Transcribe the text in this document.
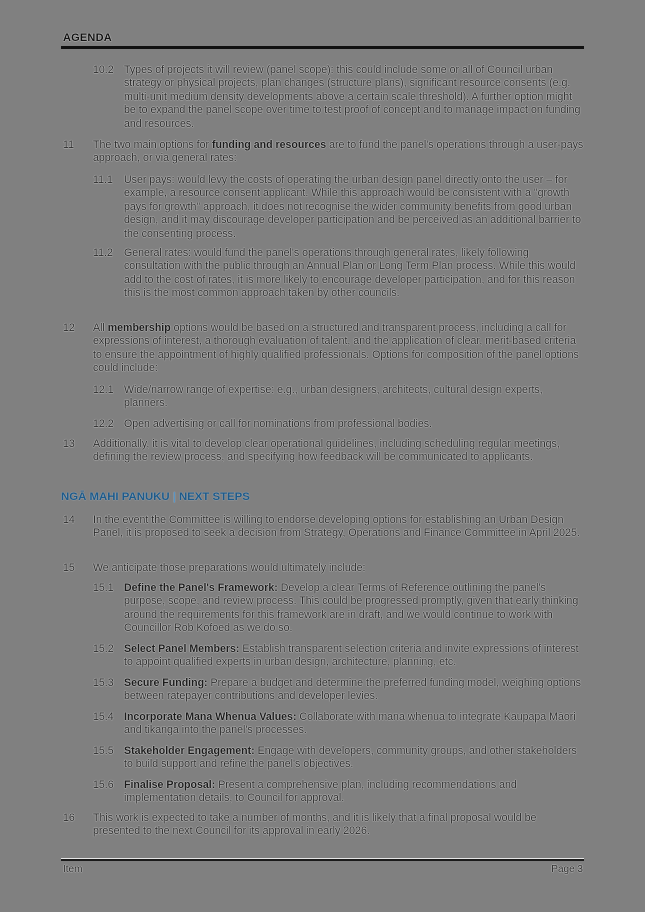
AGENDA
10.2 Types of projects it will review (panel scope): this could include some or all of Council urban strategy or physical projects, plan changes (structure plans), significant resource consents (e.g. multi-unit medium density developments above a certain scale threshold). A further option might be to expand the panel scope over time to test proof of concept and to manage impact on funding and resources.
11 The two main options for funding and resources are to fund the panel's operations through a user-pays approach, or via general rates:
11.1 User pays: would levy the costs of operating the urban design panel directly onto the user – for example, a resource consent applicant. While this approach would be consistent with a "growth pays for growth" approach, it does not recognise the wider community benefits from good urban design, and it may discourage developer participation and be perceived as an additional barrier to the consenting process.
11.2 General rates: would fund the panel's operations through general rates, likely following consultation with the public through an Annual Plan or Long Term Plan process. While this would add to the cost of rates, it is more likely to encourage developer participation, and for this reason this is the most common approach taken by other councils.
12 All membership options would be based on a structured and transparent process, including a call for expressions of interest, a thorough evaluation of talent, and the application of clear, merit-based criteria to ensure the appointment of highly qualified professionals. Options for composition of the panel options could include:
12.1 Wide/narrow range of expertise: e.g., urban designers, architects, cultural design experts, planners.
12.2 Open advertising or call for nominations from professional bodies.
13 Additionally, it is vital to develop clear operational guidelines, including scheduling regular meetings, defining the review process, and specifying how feedback will be communicated to applicants.
NGĀ MAHI PANUKU | NEXT STEPS
14 In the event the Committee is willing to endorse developing options for establishing an Urban Design Panel, it is proposed to seek a decision from Strategy, Operations and Finance Committee in April 2025.
15 We anticipate those preparations would ultimately include:
15.1 Define the Panel's Framework: Develop a clear Terms of Reference outlining the panel's purpose, scope, and review process. This could be progressed promptly, given that early thinking around the requirements for this framework are in draft, and we would continue to work with Councillor Rob Kofoed as we do so.
15.2 Select Panel Members: Establish transparent selection criteria and invite expressions of interest to appoint qualified experts in urban design, architecture, planning, etc.
15.3 Secure Funding: Prepare a budget and determine the preferred funding model, weighing options between ratepayer contributions and developer levies.
15.4 Incorporate Mana Whenua Values: Collaborate with mana whenua to integrate Kaupapa Māori and tikanga into the panel's processes.
15.5 Stakeholder Engagement: Engage with developers, community groups, and other stakeholders to build support and refine the panel's objectives.
15.6 Finalise Proposal: Present a comprehensive plan, including recommendations and implementation details, to Council for approval.
16 This work is expected to take a number of months, and it is likely that a final proposal would be presented to the next Council for its approval in early 2026.
Item	Page 3
